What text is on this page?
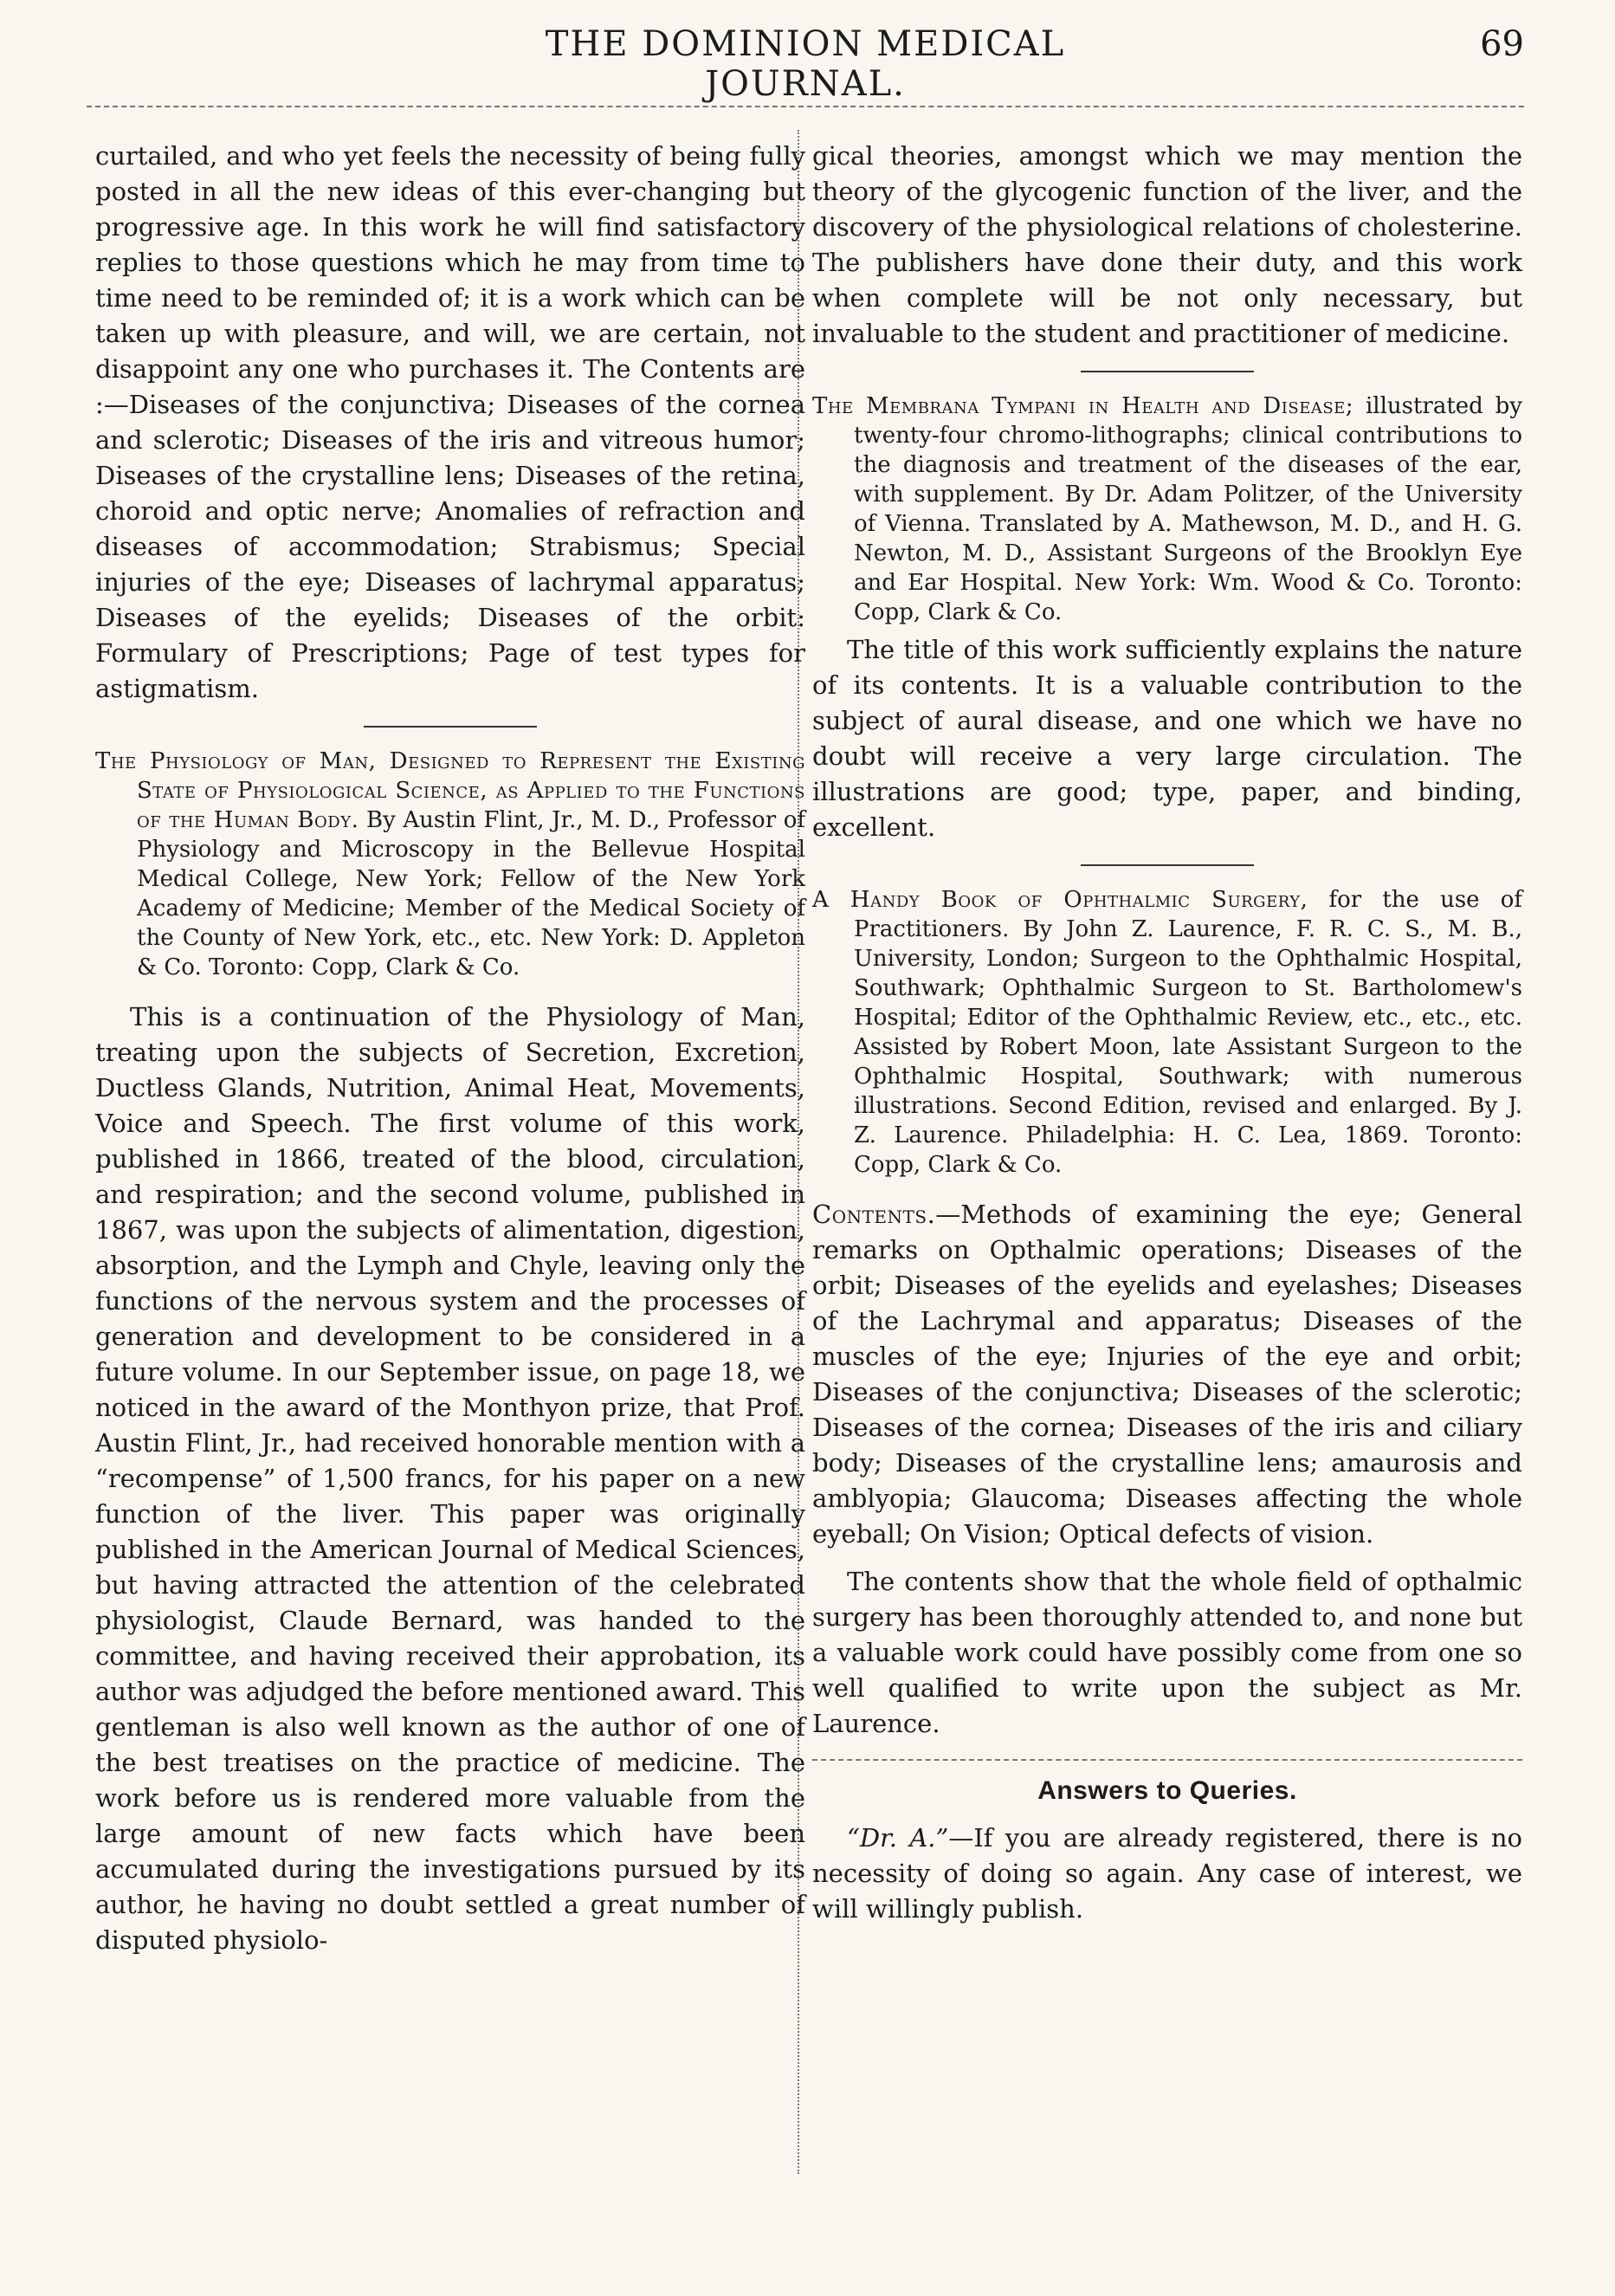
THE DOMINION MEDICAL JOURNAL.
69

curtailed, and who yet feels the necessity of being fully posted in all the new ideas of this ever-changing but progressive age. In this work he will find satisfactory replies to those questions which he may from time to time need to be reminded of; it is a work which can be taken up with pleasure, and will, we are certain, not disappoint any one who purchases it. The Contents are :—Diseases of the conjunctiva; Diseases of the cornea and sclerotic; Diseases of the iris and vitreous humor; Diseases of the crystalline lens; Diseases of the retina, choroid and optic nerve; Anomalies of refraction and diseases of accommodation; Strabismus; Special injuries of the eye; Diseases of lachrymal apparatus; Diseases of the eyelids; Diseases of the orbit: Formulary of Prescriptions; Page of test types for astigmatism.

The Physiology of Man, Designed to Represent the Existing State of Physiological Science, as Applied to the Functions of the Human Body. By Austin Flint, Jr., M. D., Professor of Physiology and Microscopy in the Bellevue Hospital Medical College, New York; Fellow of the New York Academy of Medicine; Member of the Medical Society of the County of New York, etc., etc. New York: D. Appleton & Co. Toronto: Copp, Clark & Co.

This is a continuation of the Physiology of Man, treating upon the subjects of Secretion, Excretion, Ductless Glands, Nutrition, Animal Heat, Movements, Voice and Speech. The first volume of this work, published in 1866, treated of the blood, circulation, and respiration; and the second volume, published in 1867, was upon the subjects of alimentation, digestion, absorption, and the Lymph and Chyle, leaving only the functions of the nervous system and the processes of generation and development to be considered in a future volume. In our September issue, on page 18, we noticed in the award of the Monthyon prize, that Prof. Austin Flint, Jr., had received honorable mention with a “recompense” of 1,500 francs, for his paper on a new function of the liver. This paper was originally published in the American Journal of Medical Sciences, but having attracted the attention of the celebrated physiologist, Claude Bernard, was handed to the committee, and having received their approbation, its author was adjudged the before mentioned award. This gentleman is also well known as the author of one of the best treatises on the practice of medicine. The work before us is rendered more valuable from the large amount of new facts which have been accumulated during the investigations pursued by its author, he having no doubt settled a great number of disputed physiolo-

gical theories, amongst which we may mention the theory of the glycogenic function of the liver, and the discovery of the physiological relations of cholesterine. The publishers have done their duty, and this work when complete will be not only necessary, but invaluable to the student and practitioner of medicine.

The Membrana Tympani in Health and Disease; illustrated by twenty-four chromo-lithographs; clinical contributions to the diagnosis and treatment of the diseases of the ear, with supplement. By Dr. Adam Politzer, of the University of Vienna. Translated by A. Mathewson, M. D., and H. G. Newton, M. D., Assistant Surgeons of the Brooklyn Eye and Ear Hospital. New York: Wm. Wood & Co. Toronto: Copp, Clark & Co.

The title of this work sufficiently explains the nature of its contents. It is a valuable contribution to the subject of aural disease, and one which we have no doubt will receive a very large circulation. The illustrations are good; type, paper, and binding, excellent.

A Handy Book of Ophthalmic Surgery, for the use of Practitioners. By John Z. Laurence, F. R. C. S., M. B., University, London; Surgeon to the Ophthalmic Hospital, Southwark; Ophthalmic Surgeon to St. Bartholomew's Hospital; Editor of the Ophthalmic Review, etc., etc., etc. Assisted by Robert Moon, late Assistant Surgeon to the Ophthalmic Hospital, Southwark; with numerous illustrations. Second Edition, revised and enlarged. By J. Z. Laurence. Philadelphia: H. C. Lea, 1869. Toronto: Copp, Clark & Co.

Contents.—Methods of examining the eye; General remarks on Opthalmic operations; Diseases of the orbit; Diseases of the eyelids and eyelashes; Diseases of the Lachrymal and apparatus; Diseases of the muscles of the eye; Injuries of the eye and orbit; Diseases of the conjunctiva; Diseases of the sclerotic; Diseases of the cornea; Diseases of the iris and ciliary body; Diseases of the crystalline lens; amaurosis and amblyopia; Glaucoma; Diseases affecting the whole eyeball; On Vision; Optical defects of vision.

The contents show that the whole field of opthalmic surgery has been thoroughly attended to, and none but a valuable work could have possibly come from one so well qualified to write upon the subject as Mr. Laurence.

Answers to Queries.

“Dr. A.”—If you are already registered, there is no necessity of doing so again. Any case of interest, we will willingly publish.
